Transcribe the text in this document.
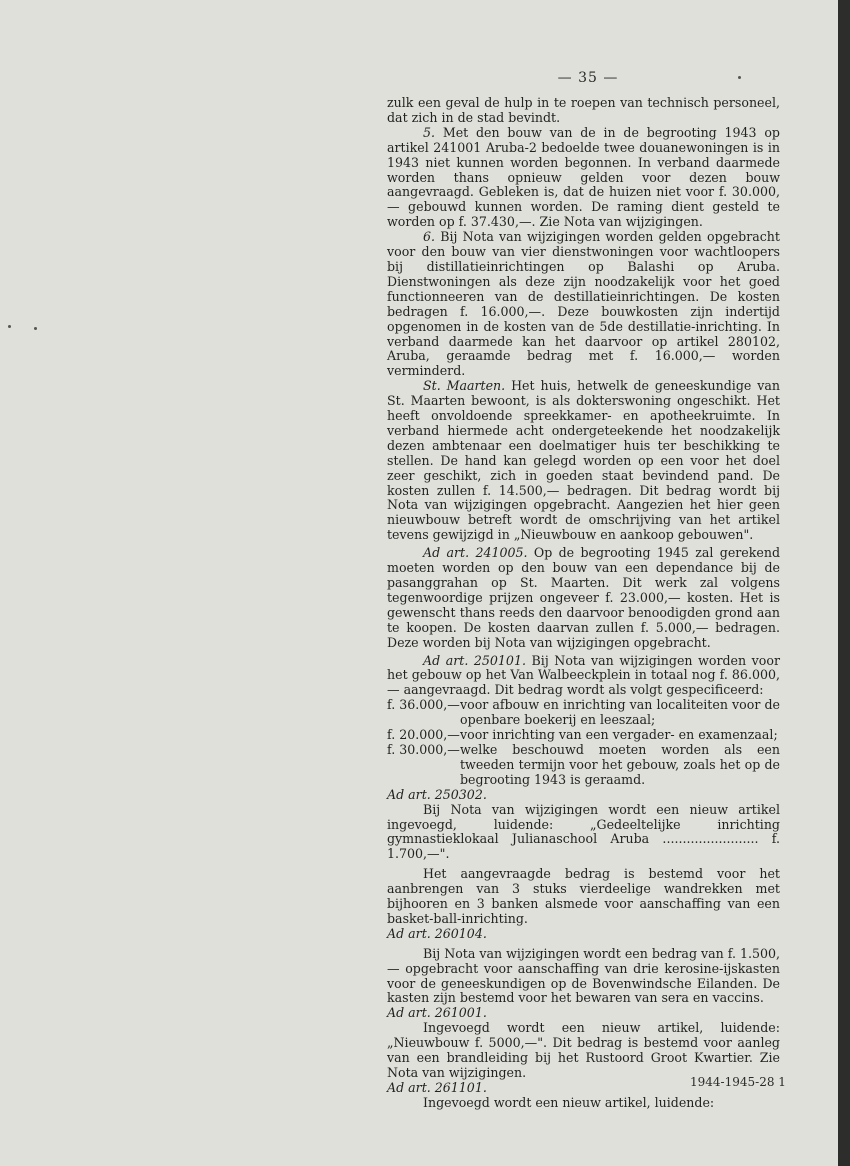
— 35 —

zulk een geval de hulp in te roepen van technisch personeel, dat zich in de stad bevindt.

5. Met den bouw van de in de begrooting 1943 op artikel 241001 Aruba-2 bedoelde twee douanewoningen is in 1943 niet kunnen worden begonnen. In verband daarmede worden thans opnieuw gelden voor dezen bouw aangevraagd. Gebleken is, dat de huizen niet voor f. 30.000,— gebouwd kunnen worden. De raming dient gesteld te worden op f. 37.430,—. Zie Nota van wijzigingen.

6. Bij Nota van wijzigingen worden gelden opgebracht voor den bouw van vier dienstwoningen voor wachtloopers bij distillatieinrichtingen op Balashi op Aruba. Dienstwoningen als deze zijn noodzakelijk voor het goed functionneeren van de destillatieinrichtingen. De kosten bedragen f. 16.000,—. Deze bouwkosten zijn indertijd opgenomen in de kosten van de 5de destillatie-inrichting. In verband daarmede kan het daarvoor op artikel 280102, Aruba, geraamde bedrag met f. 16.000,— worden verminderd.

St. Maarten. Het huis, hetwelk de geneeskundige van St. Maarten bewoont, is als dokterswoning ongeschikt. Het heeft onvoldoende spreekkamer- en apotheekruimte. In verband hiermede acht ondergeteekende het noodzakelijk dezen ambtenaar een doelmatiger huis ter beschikking te stellen. De hand kan gelegd worden op een voor het doel zeer geschikt, zich in goeden staat bevindend pand. De kosten zullen f. 14.500,— bedragen. Dit bedrag wordt bij Nota van wijzigingen opgebracht. Aangezien het hier geen nieuwbouw betreft wordt de omschrijving van het artikel tevens gewijzigd in „Nieuwbouw en aankoop gebouwen".

Ad art. 241005. Op de begrooting 1945 zal gerekend moeten worden op den bouw van een dependance bij de pasanggrahan op St. Maarten. Dit werk zal volgens tegenwoordige prijzen ongeveer f. 23.000,— kosten. Het is gewenscht thans reeds den daarvoor benoodigden grond aan te koopen. De kosten daarvan zullen f. 5.000,— bedragen. Deze worden bij Nota van wijzigingen opgebracht.

Ad art. 250101. Bij Nota van wijzigingen worden voor het gebouw op het Van Walbeeckplein in totaal nog f. 86.000,— aangevraagd. Dit bedrag wordt als volgt gespecificeerd:

f. 36.000,— voor afbouw en inrichting van localiteiten voor de openbare boekerij en leeszaal;
f. 20.000,— voor inrichting van een vergader- en examenzaal;
f. 30.000,— welke beschouwd moeten worden als een tweeden termijn voor het gebouw, zoals het op de begrooting 1943 is geraamd.

Ad art. 250302.

Bij Nota van wijzigingen wordt een nieuw artikel ingevoegd, luidende: „Gedeeltelijke inrichting gymnastieklokaal Julianaschool Aruba ........................ f. 1.700,—".

Het aangevraagde bedrag is bestemd voor het aanbrengen van 3 stuks vierdeelige wandrekken met bijhooren en 3 banken alsmede voor aanschaffing van een basket-ball-inrichting.

Ad art. 260104.

Bij Nota van wijzigingen wordt een bedrag van f. 1.500,— opgebracht voor aanschaffing van drie kerosine-ijskasten voor de geneeskundigen op de Bovenwindsche Eilanden. De kasten zijn bestemd voor het bewaren van sera en vaccins.

Ad art. 261001.

Ingevoegd wordt een nieuw artikel, luidende: „Nieuwbouw f. 5000,—". Dit bedrag is bestemd voor aanleg van een brandleiding bij het Rustoord Groot Kwartier. Zie Nota van wijzigingen.

Ad art. 261101.

Ingevoegd wordt een nieuw artikel, luidende:

1944-1945-28 1
